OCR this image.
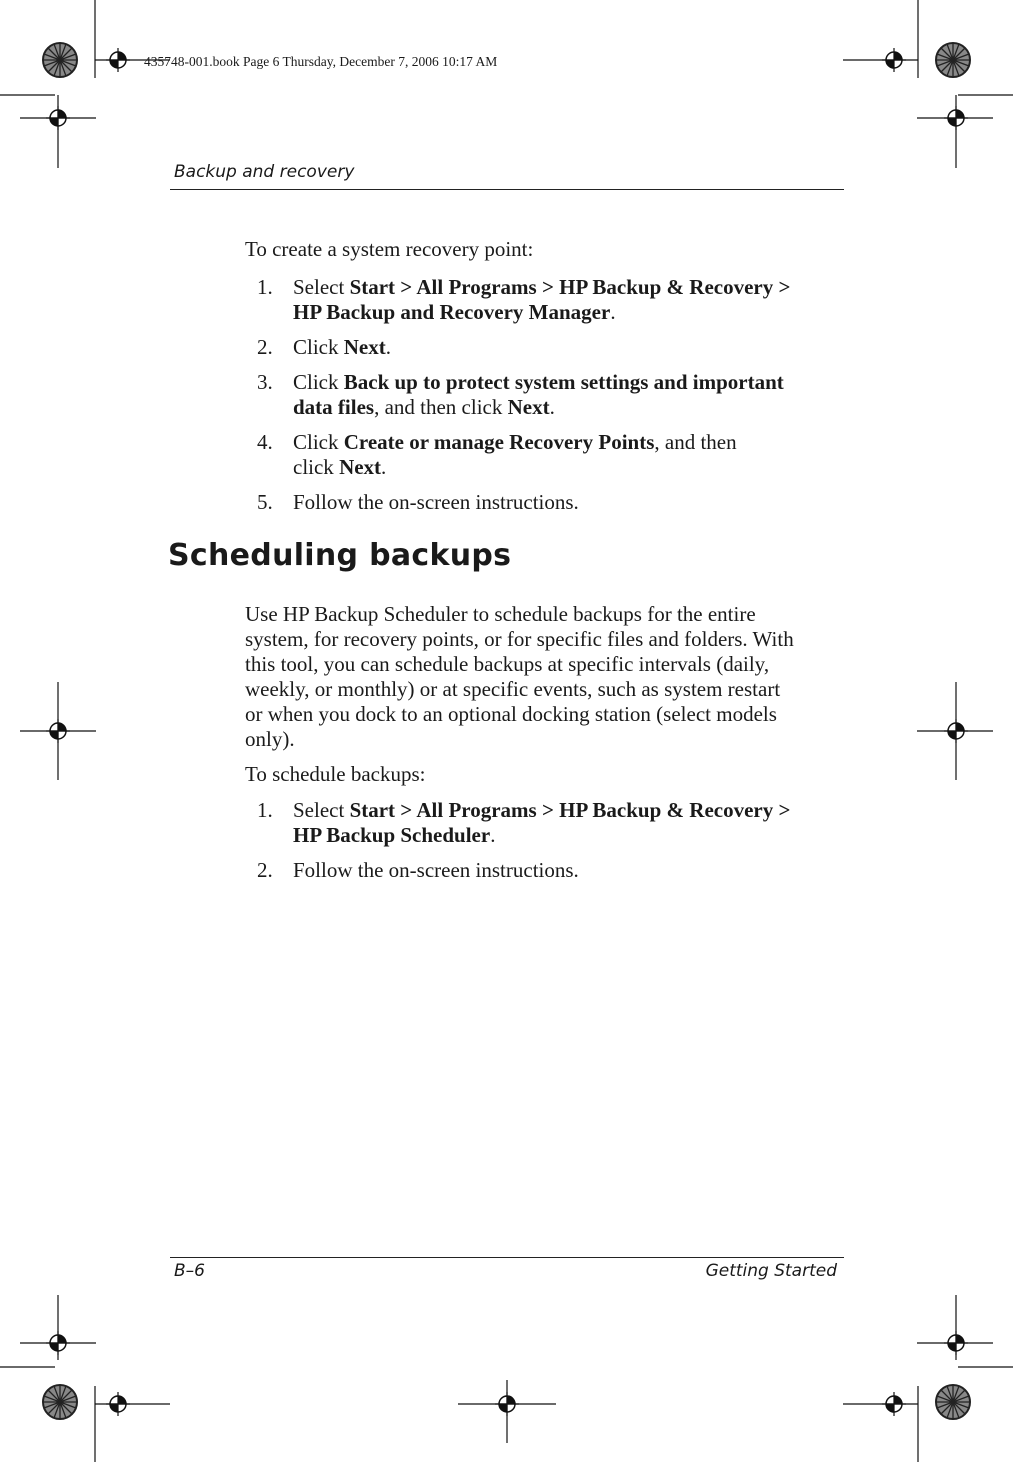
435748-001.book Page 6 Thursday, December 7, 2006 10:17 AM
Backup and recovery
To create a system recovery point:
1. Select Start > All Programs > HP Backup & Recovery >
HP Backup and Recovery Manager.
2. Click Next.
3. Click Back up to protect system settings and important
data files, and then click Next.
4. Click Create or manage Recovery Points, and then
click Next.
5. Follow the on-screen instructions.
Scheduling backups
Use HP Backup Scheduler to schedule backups for the entire
system, for recovery points, or for specific files and folders. With
this tool, you can schedule backups at specific intervals (daily,
weekly, or monthly) or at specific events, such as system restart
or when you dock to an optional docking station (select models
only).
To schedule backups:
1. Select Start > All Programs > HP Backup & Recovery >
HP Backup Scheduler.
2. Follow the on-screen instructions.
B–6	Getting Started
